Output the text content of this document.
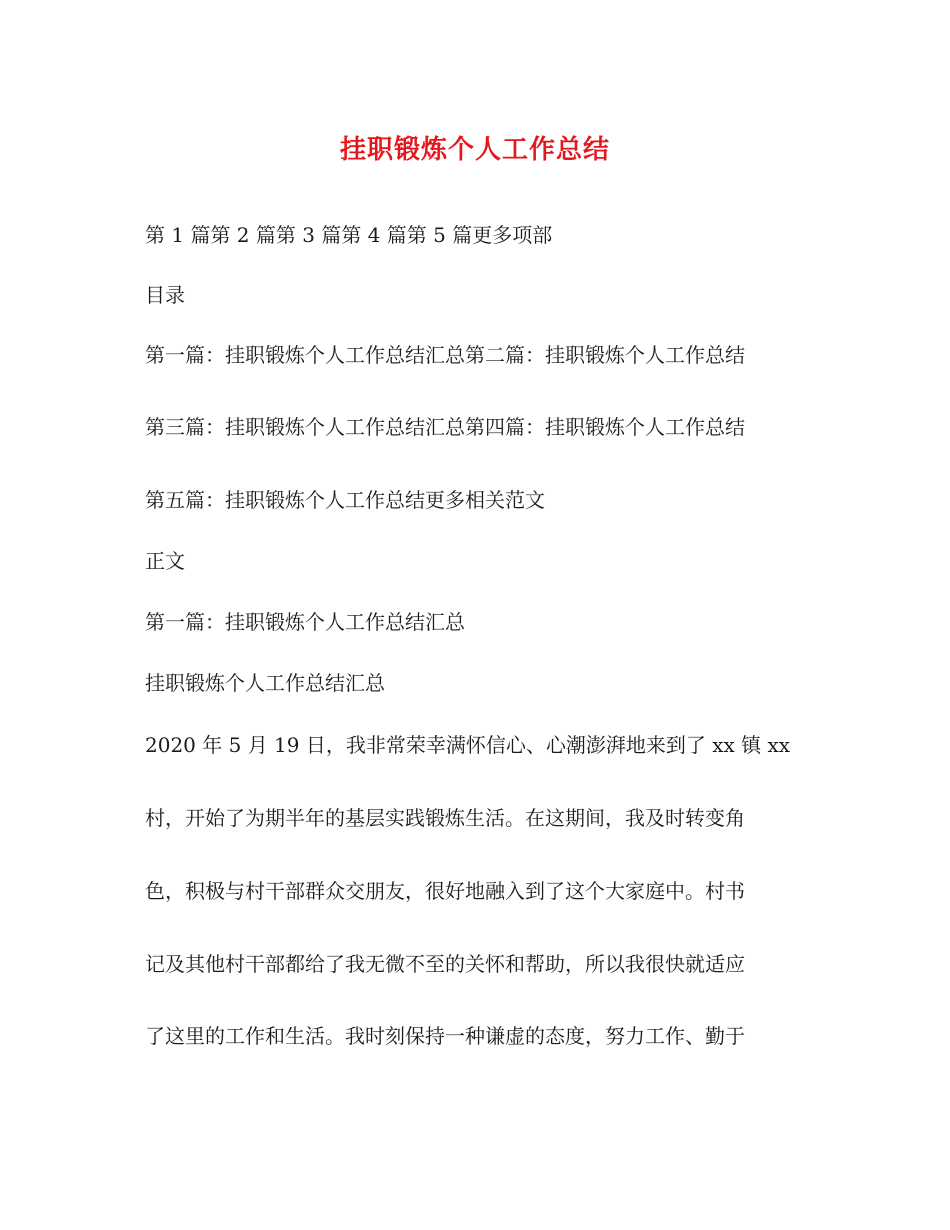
挂职锻炼个人工作总结
第 1 篇第 2 篇第 3 篇第 4 篇第 5 篇更多项部
目录
第一篇：挂职锻炼个人工作总结汇总第二篇：挂职锻炼个人工作总结
第三篇：挂职锻炼个人工作总结汇总第四篇：挂职锻炼个人工作总结
第五篇：挂职锻炼个人工作总结更多相关范文
正文
第一篇：挂职锻炼个人工作总结汇总
挂职锻炼个人工作总结汇总
2020 年 5 月 19 日，我非常荣幸满怀信心、心潮澎湃地来到了 xx 镇 xx
村，开始了为期半年的基层实践锻炼生活。在这期间，我及时转变角
色，积极与村干部群众交朋友，很好地融入到了这个大家庭中。村书
记及其他村干部都给了我无微不至的关怀和帮助，所以我很快就适应
了这里的工作和生活。我时刻保持一种谦虚的态度，努力工作、勤于
